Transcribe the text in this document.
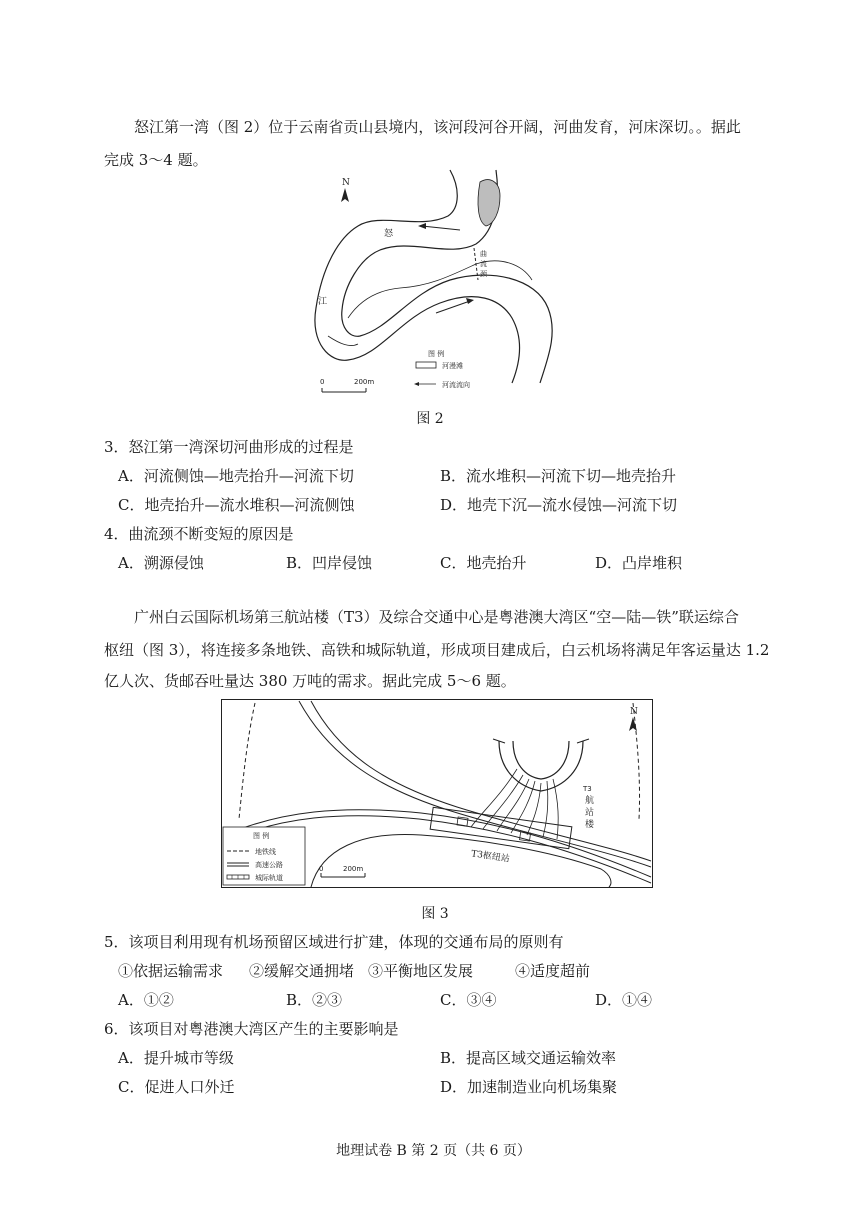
怒江第一湾（图 2）位于云南省贡山县境内，该河段河谷开阔，河曲发育，河床深切。。据此
完成 3～4 题。
N
怒
江
曲
流
颈
图 例
河漫滩
河流流向
0	200m
图 2
3．怒江第一湾深切河曲形成的过程是
A．河流侧蚀—地壳抬升—河流下切	B．流水堆积—河流下切—地壳抬升
C．地壳抬升—流水堆积—河流侧蚀	D．地壳下沉—流水侵蚀—河流下切
4．曲流颈不断变短的原因是
A．溯源侵蚀	B．凹岸侵蚀	C．地壳抬升	D．凸岸堆积
广州白云国际机场第三航站楼（T3）及综合交通中心是粤港澳大湾区“空—陆—铁”联运综合
枢纽（图 3），将连接多条地铁、高铁和城际轨道，形成项目建成后，白云机场将满足年客运量达 1.2
亿人次、货邮吞吐量达 380 万吨的需求。据此完成 5～6 题。
N
T3
航
站
楼
T3枢纽站
图 例
地铁线
高速公路
城际轨道
0	200m
图 3
5．该项目利用现有机场预留区域进行扩建，体现的交通布局的原则有
①依据运输需求 ②缓解交通拥堵 ③平衡地区发展	④适度超前
A．①②	B．②③	C．③④	D．①④
6．该项目对粤港澳大湾区产生的主要影响是
A．提升城市等级	B．提高区域交通运输效率
C．促进人口外迁	D．加速制造业向机场集聚
地理试卷 B 第 2 页（共 6 页）
